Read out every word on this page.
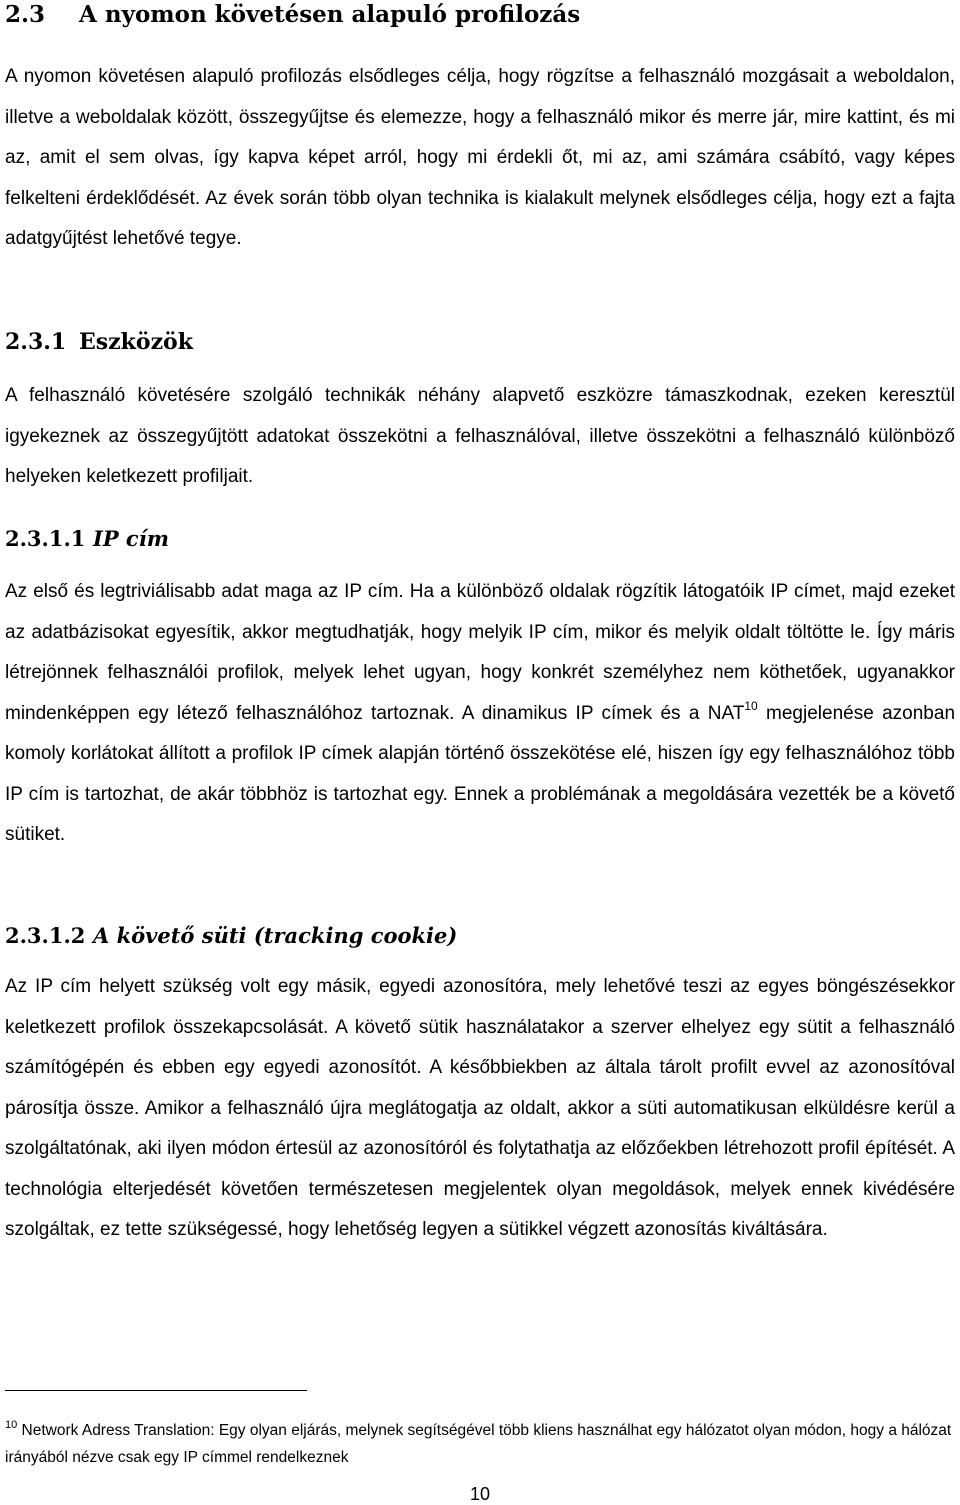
2.3 A nyomon követésen alapuló profilozás

A nyomon követésen alapuló profilozás elsődleges célja, hogy rögzítse a felhasználó mozgásait a weboldalon, illetve a weboldalak között, összegyűjtse és elemezze, hogy a felhasználó mikor és merre jár, mire kattint, és mi az, amit el sem olvas, így kapva képet arról, hogy mi érdekli őt, mi az, ami számára csábító, vagy képes felkelteni érdeklődését. Az évek során több olyan technika is kialakult melynek elsődleges célja, hogy ezt a fajta adatgyűjtést lehetővé tegye.

2.3.1 Eszközök

A felhasználó követésére szolgáló technikák néhány alapvető eszközre támaszkodnak, ezeken keresztül igyekeznek az összegyűjtött adatokat összekötni a felhasználóval, illetve összekötni a felhasználó különböző helyeken keletkezett profiljait.

2.3.1.1 IP cím

Az első és legtriviálisabb adat maga az IP cím. Ha a különböző oldalak rögzítik látogatóik IP címet, majd ezeket az adatbázisokat egyesítik, akkor megtudhatják, hogy melyik IP cím, mikor és melyik oldalt töltötte le. Így máris létrejönnek felhasználói profilok, melyek lehet ugyan, hogy konkrét személyhez nem köthetőek, ugyanakkor mindenképpen egy létező felhasználóhoz tartoznak. A dinamikus IP címek és a NAT$^{10}$ megjelenése azonban komoly korlátokat állított a profilok IP címek alapján történő összekötése elé, hiszen így egy felhasználóhoz több IP cím is tartozhat, de akár többhöz is tartozhat egy. Ennek a problémának a megoldására vezették be a követő sütiket.

2.3.1.2 A követő süti (tracking cookie)

Az IP cím helyett szükség volt egy másik, egyedi azonosítóra, mely lehetővé teszi az egyes böngészésekkor keletkezett profilok összekapcsolását. A követő sütik használatakor a szerver elhelyez egy sütit a felhasználó számítógépén és ebben egy egyedi azonosítót. A későbbiekben az általa tárolt profilt evvel az azonosítóval párosítja össze. Amikor a felhasználó újra meglátogatja az oldalt, akkor a süti automatikusan elküldésre kerül a szolgáltatónak, aki ilyen módon értesül az azonosítóról és folytathatja az előzőekben létrehozott profil építését. A technológia elterjedését követően természetesen megjelentek olyan megoldások, melyek ennek kivédésére szolgáltak, ez tette szükségessé, hogy lehetőség legyen a sütikkel végzett azonosítás kiváltására.

$^{10}$ Network Adress Translation: Egy olyan eljárás, melynek segítségével több kliens használhat egy hálózatot olyan módon, hogy a hálózat irányából nézve csak egy IP címmel rendelkeznek
10
